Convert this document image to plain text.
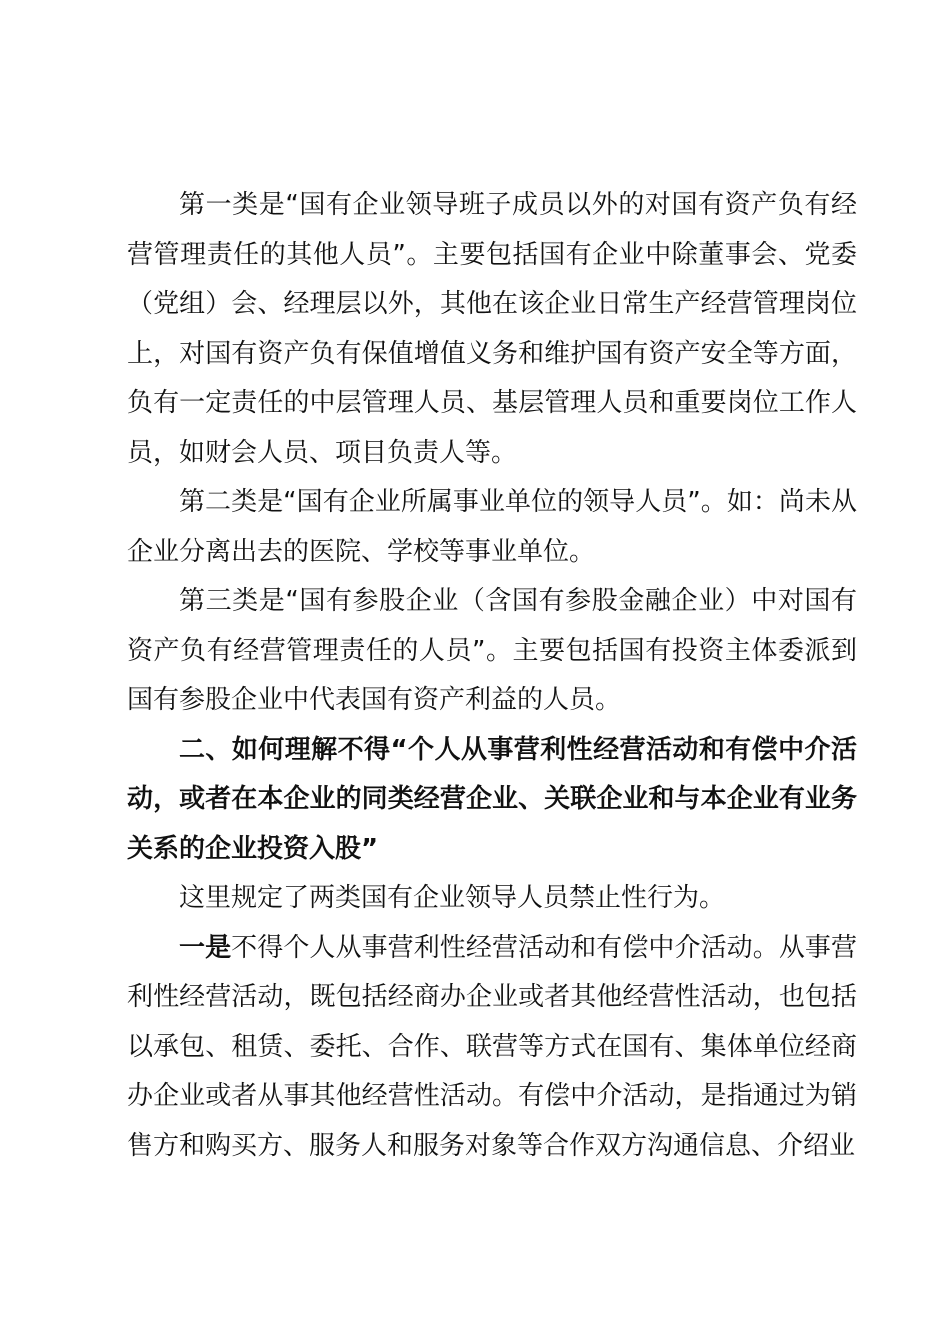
第一类是“国有企业领导班子成员以外的对国有资产负有经营管理责任的其他人员”。主要包括国有企业中除董事会、党委（党组）会、经理层以外，其他在该企业日常生产经营管理岗位上，对国有资产负有保值增值义务和维护国有资产安全等方面，负有一定责任的中层管理人员、基层管理人员和重要岗位工作人员，如财会人员、项目负责人等。

第二类是“国有企业所属事业单位的领导人员”。如：尚未从企业分离出去的医院、学校等事业单位。

第三类是“国有参股企业（含国有参股金融企业）中对国有资产负有经营管理责任的人员”。主要包括国有投资主体委派到国有参股企业中代表国有资产利益的人员。

二、如何理解不得“个人从事营利性经营活动和有偿中介活动，或者在本企业的同类经营企业、关联企业和与本企业有业务关系的企业投资入股”

这里规定了两类国有企业领导人员禁止性行为。

一是不得个人从事营利性经营活动和有偿中介活动。从事营利性经营活动，既包括经商办企业或者其他经营性活动，也包括以承包、租赁、委托、合作、联营等方式在国有、集体单位经商办企业或者从事其他经营性活动。有偿中介活动，是指通过为销售方和购买方、服务人和服务对象等合作双方沟通信息、介绍业
